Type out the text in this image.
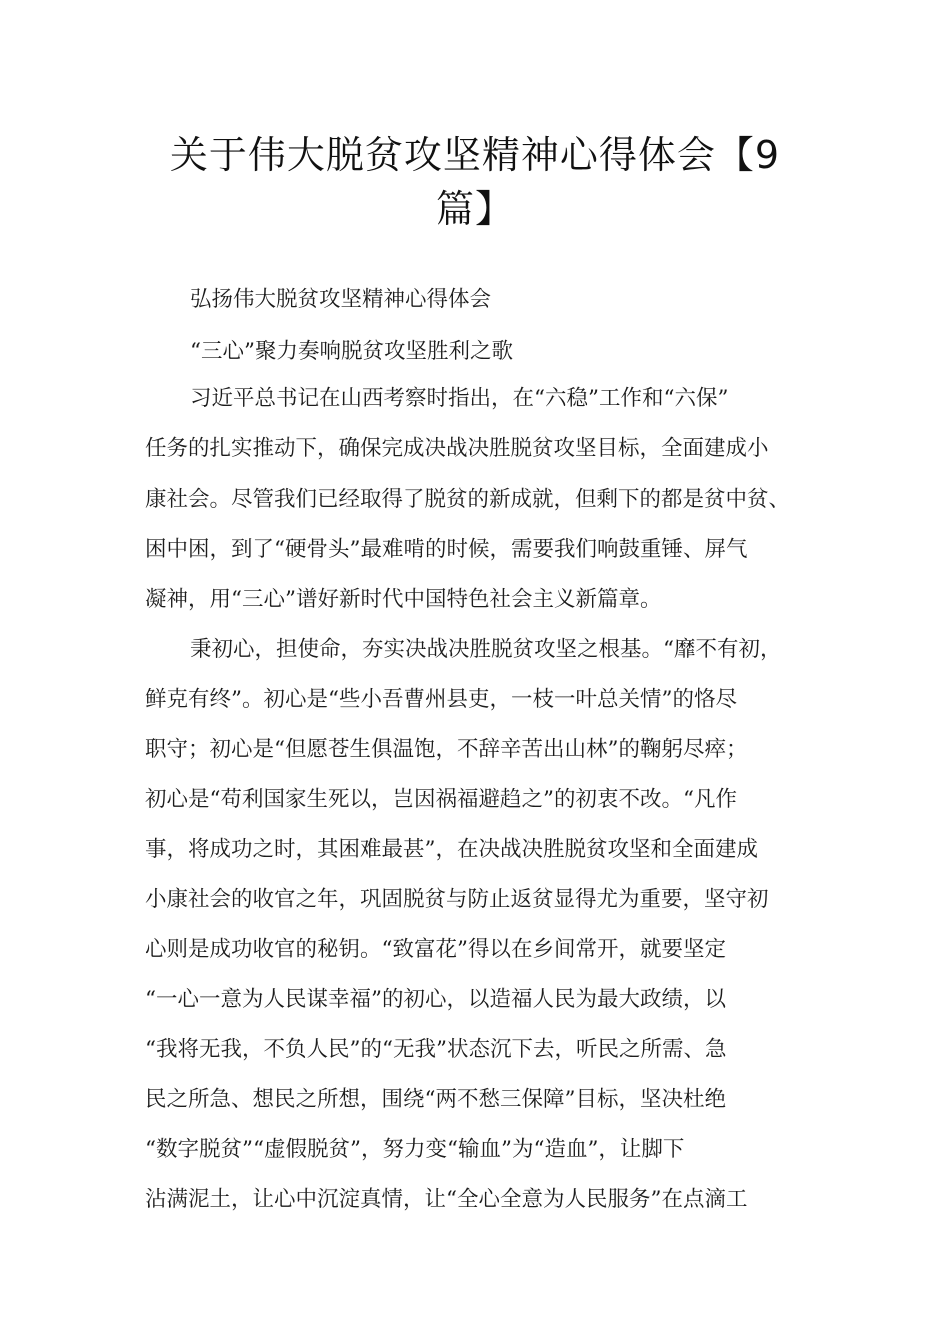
关于伟大脱贫攻坚精神心得体会【9
篇】
弘扬伟大脱贫攻坚精神心得体会
“三心”聚力奏响脱贫攻坚胜利之歌
习近平总书记在山西考察时指出，在“六稳”工作和“六保”
任务的扎实推动下，确保完成决战决胜脱贫攻坚目标，全面建成小
康社会。尽管我们已经取得了脱贫的新成就，但剩下的都是贫中贫、
困中困，到了“硬骨头”最难啃的时候，需要我们响鼓重锤、屏气
凝神，用“三心”谱好新时代中国特色社会主义新篇章。
秉初心，担使命，夯实决战决胜脱贫攻坚之根基。“靡不有初，
鲜克有终”。初心是“些小吾曹州县吏，一枝一叶总关情”的恪尽
职守；初心是“但愿苍生俱温饱，不辞辛苦出山林”的鞠躬尽瘁；
初心是“苟利国家生死以，岂因祸福避趋之”的初衷不改。“凡作
事，将成功之时，其困难最甚”，在决战决胜脱贫攻坚和全面建成
小康社会的收官之年，巩固脱贫与防止返贫显得尤为重要，坚守初
心则是成功收官的秘钥。“致富花”得以在乡间常开，就要坚定
“一心一意为人民谋幸福”的初心，以造福人民为最大政绩，以
“我将无我，不负人民”的“无我”状态沉下去，听民之所需、急
民之所急、想民之所想，围绕“两不愁三保障”目标，坚决杜绝
“数字脱贫”“虚假脱贫”，努力变“输血”为“造血”，让脚下
沾满泥土，让心中沉淀真情，让“全心全意为人民服务”在点滴工
